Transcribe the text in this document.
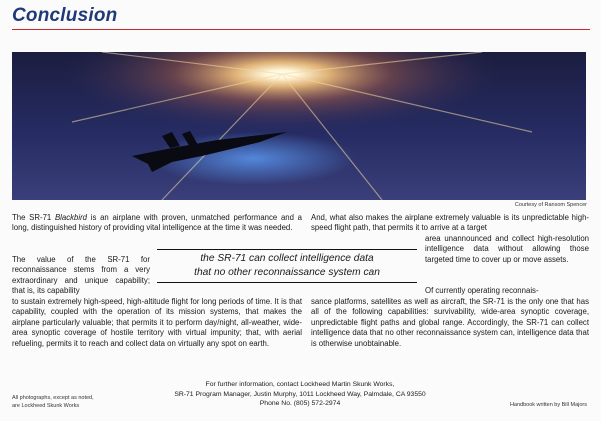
Conclusion
Courtesy of Ransom Spencer

The SR-71 Blackbird is an airplane with proven, unmatched performance and a long, distinguished history of providing vital intelligence at the time it was needed.

The value of the SR-71 for reconnaissance stems from a very extraordinary and unique capability; that is, its capability

to sustain extremely high-speed, high-altitude flight for long periods of time. It is that capability, coupled with the operation of its mission systems, that makes the airplane particularly valuable; that permits it to perform day/night, all-weather, wide-area synoptic coverage of hostile territory with virtual impunity; that, with aerial refueling, permits it to reach and collect data on virtually any spot on earth.

And, what also makes the airplane extremely valuable is its unpredictable high-speed flight path, that permits it to arrive at a target

area unannounced and collect high-resolution intelligence data without allowing those targeted time to cover up or move assets.

Of currently operating reconnais-

sance platforms, satellites as well as aircraft, the SR-71 is the only one that has all of the following capabilities: survivability, wide-area synoptic coverage, unpredictable flight paths and global range. Accordingly, the SR-71 can collect intelligence data that no other reconnaissance system can, intelligence data that is otherwise unobtainable.

the SR-71 can collect intelligence data
that no other reconnaissance system can
For further information, contact Lockheed Martin Skunk Works,
SR-71 Program Manager, Justin Murphy, 1011 Lockheed Way, Palmdale, CA 93550
Phone No. (805) 572-2974
All photographs, except as noted,
are Lockheed Skunk Works	Handbook written by Bill Majors
